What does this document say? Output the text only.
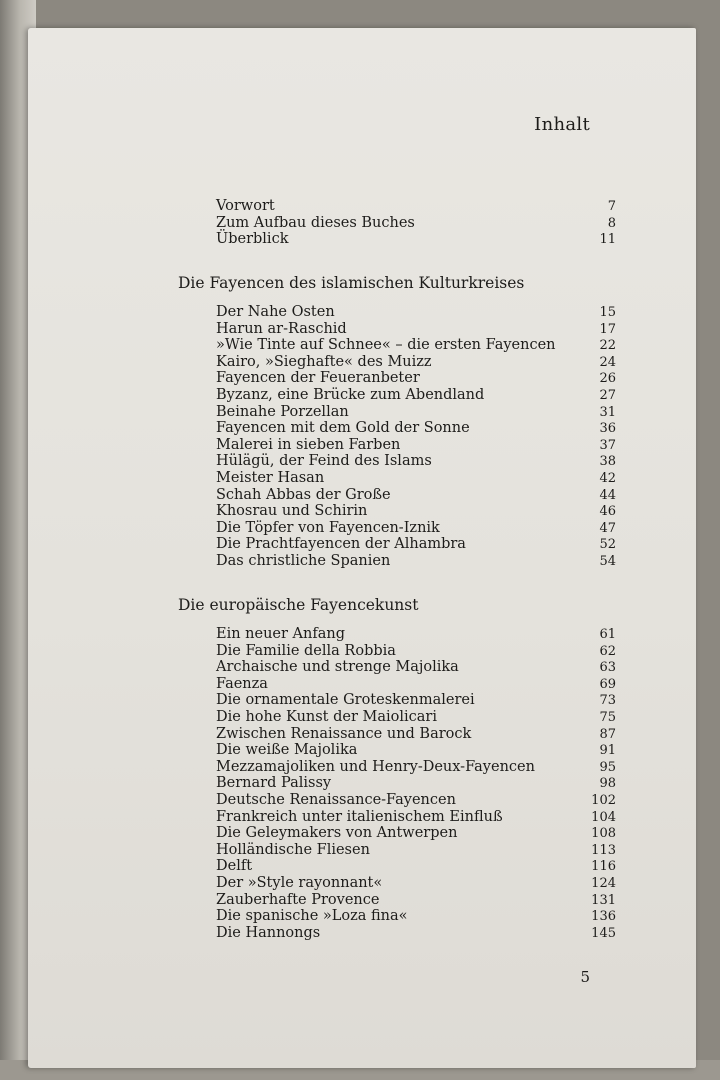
Inhalt
Vorwort	7
Zum Aufbau dieses Buches	8
Überblick	11
Die Fayencen des islamischen Kulturkreises
Der Nahe Osten	15
Harun ar-Raschid	17
»Wie Tinte auf Schnee« – die ersten Fayencen	22
Kairo, »Sieghafte« des Muizz	24
Fayencen der Feueranbeter	26
Byzanz, eine Brücke zum Abendland	27
Beinahe Porzellan	31
Fayencen mit dem Gold der Sonne	36
Malerei in sieben Farben	37
Hülägü, der Feind des Islams	38
Meister Hasan	42
Schah Abbas der Große	44
Khosrau und Schirin	46
Die Töpfer von Fayencen-Iznik	47
Die Prachtfayencen der Alhambra	52
Das christliche Spanien	54
Die europäische Fayencekunst
Ein neuer Anfang	61
Die Familie della Robbia	62
Archaische und strenge Majolika	63
Faenza	69
Die ornamentale Groteskenmalerei	73
Die hohe Kunst der Maiolicari	75
Zwischen Renaissance und Barock	87
Die weiße Majolika	91
Mezzamajoliken und Henry-Deux-Fayencen	95
Bernard Palissy	98
Deutsche Renaissance-Fayencen	102
Frankreich unter italienischem Einfluß	104
Die Geleymakers von Antwerpen	108
Holländische Fliesen	113
Delft	116
Der »Style rayonnant«	124
Zauberhafte Provence	131
Die spanische »Loza fina«	136
Die Hannongs	145
5
